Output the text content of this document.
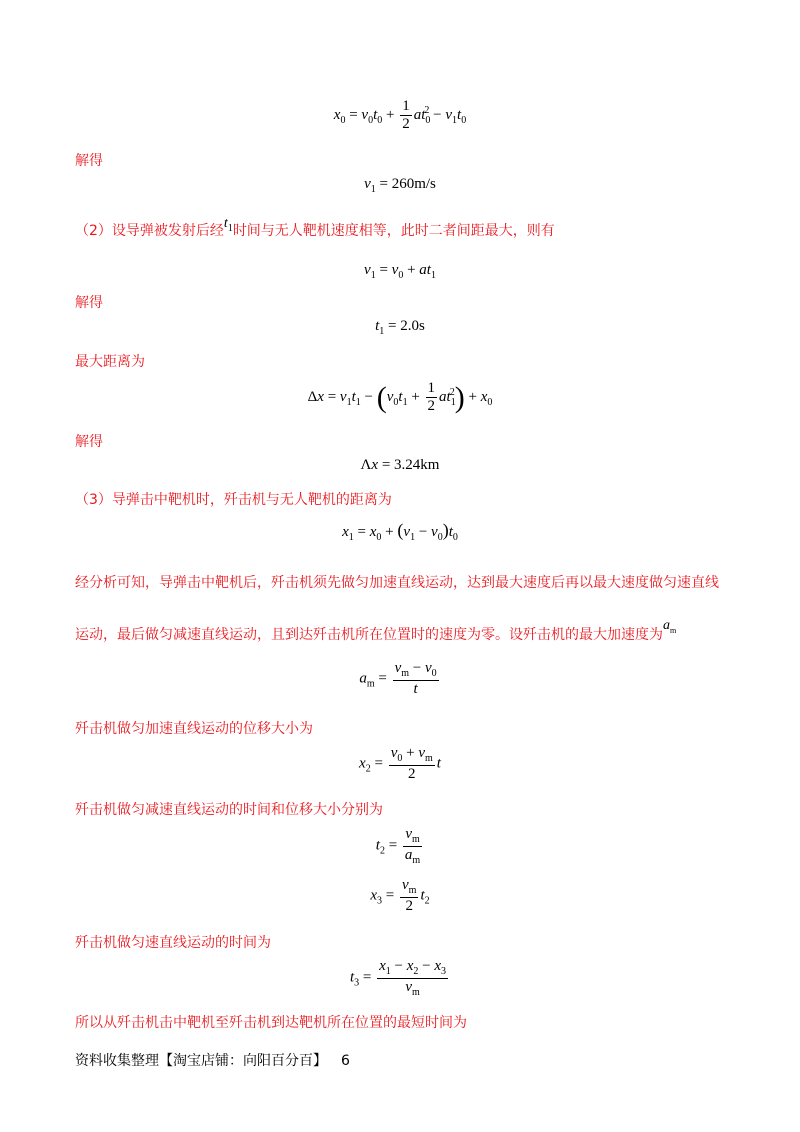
$x_0 = v_0t_0 + \frac{1}{2} at_0^2 - v_1t_0$
解得
$v_1 = 260m/s$
（2）设导弹被发射后经$t_1$时间与无人靶机速度相等，此时二者间距最大，则有
$v_1 = v_0 + at_1$
解得
$t_1 = 2.0s$
最大距离为
$\Delta x = v_1t_1 - (v_0t_1 + \frac{1}{2} at_1^2) + x_0$
解得
Λx = 3.24km
（3）导弹击中靶机时，歼击机与无人靶机的距离为
$x_1 = x_0 + (v_1 - v_0)t_0$
经分析可知，导弹击中靶机后，歼击机须先做匀加速直线运动，达到最大速度后再以最大速度做匀速直线
运动，最后做匀减速直线运动，且到达歼击机所在位置时的速度为零。设歼击机的最大加速度为$a_m$
$a_m = \frac{v_m - v_0}{t}$
歼击机做匀加速直线运动的位移大小为
$x_2 = \frac{v_0 + v_m}{2}$ t
歼击机做匀减速直线运动的时间和位移大小分别为
$t_2 = \frac{v_m}{a_m}$
$x_3 = \frac{v_m}{2} t_2$
歼击机做匀速直线运动的时间为
$t_3 = \frac{x_1 - x_2 - x_3}{v_m}$
所以从歼击机击中靶机至歼击机到达靶机所在位置的最短时间为
资料收集整理【淘宝店铺：向阳百分百】 6
